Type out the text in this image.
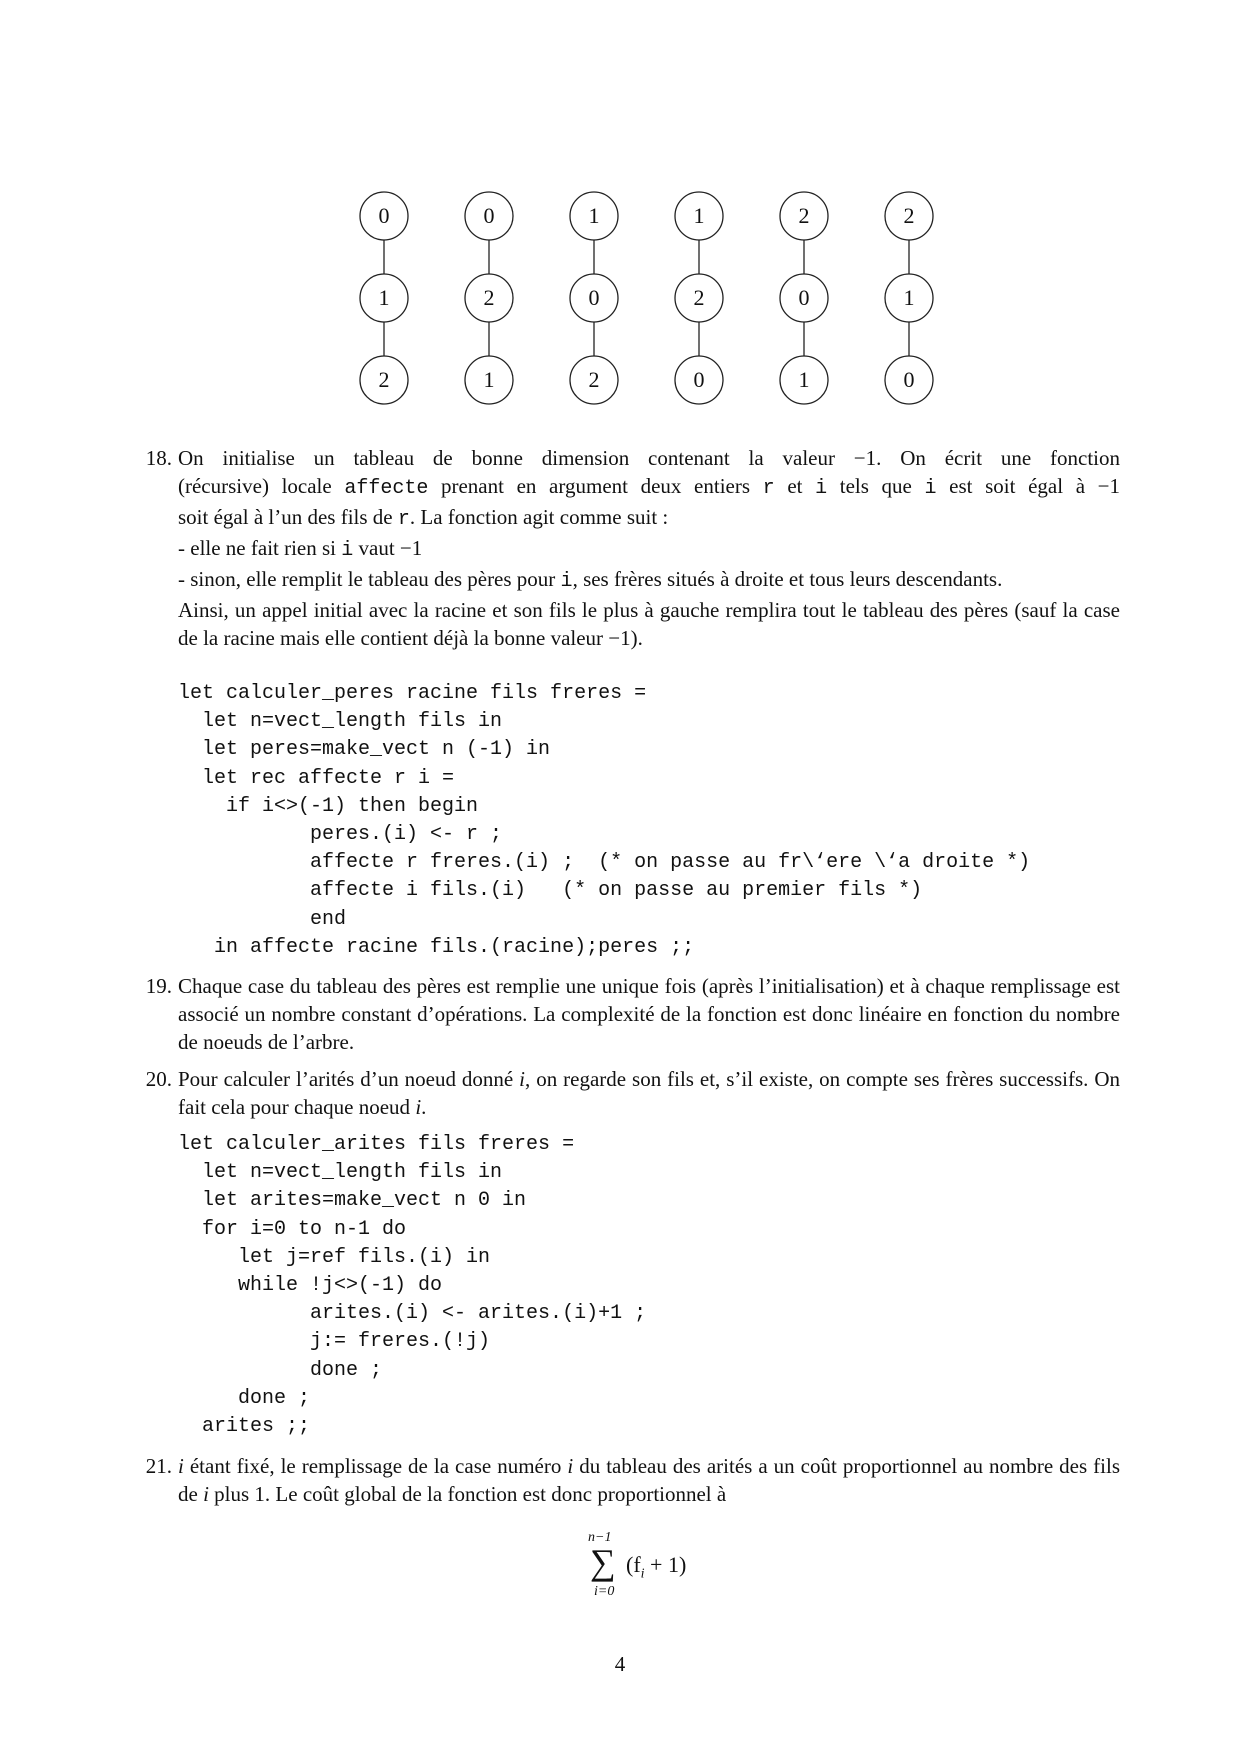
0
1
2
0
2
1
1
0
2
1
2
0
2
0
1
2
1
0
18. On initialise un tableau de bonne dimension contenant la valeur −1. On écrit une fonction
(récursive) locale affecte prenant en argument deux entiers r et i tels que i est soit égal à −1
soit égal à l’un des fils de r. La fonction agit comme suit :
- elle ne fait rien si i vaut −1
- sinon, elle remplit le tableau des pères pour i, ses frères situés à droite et tous leurs descendants.
Ainsi, un appel initial avec la racine et son fils le plus à gauche remplira tout le tableau des pères (sauf la case de la racine mais elle contient déjà la bonne valeur −1).
let calculer_peres racine fils freres =
let n=vect_length fils in
let peres=make_vect n (-1) in
let rec affecte r i =
if i<>(-1) then begin
peres.(i) <- r ;
affecte r freres.(i) ;  (* on passe au fr\‘ere \‘a droite *)
affecte i fils.(i)   (* on passe au premier fils *)
end
in affecte racine fils.(racine);peres ;;
19. Chaque case du tableau des pères est remplie une unique fois (après l’initialisation) et à chaque remplissage est associé un nombre constant d’opérations. La complexité de la fonction est donc linéaire en fonction du nombre de noeuds de l’arbre.
20. Pour calculer l’arités d’un noeud donné i, on regarde son fils et, s’il existe, on compte ses frères successifs. On fait cela pour chaque noeud i.
let calculer_arites fils freres =
let n=vect_length fils in
let arites=make_vect n 0 in
for i=0 to n-1 do
let j=ref fils.(i) in
while !j<>(-1) do
arites.(i) <- arites.(i)+1 ;
j:= freres.(!j)
done ;
done ;
arites ;;
21. i étant fixé, le remplissage de la case numéro i du tableau des arités a un coût proportionnel au nombre des fils de i plus 1. Le coût global de la fonction est donc proportionnel à
n−1
∑ $(f_i + 1)$
i=0
4
